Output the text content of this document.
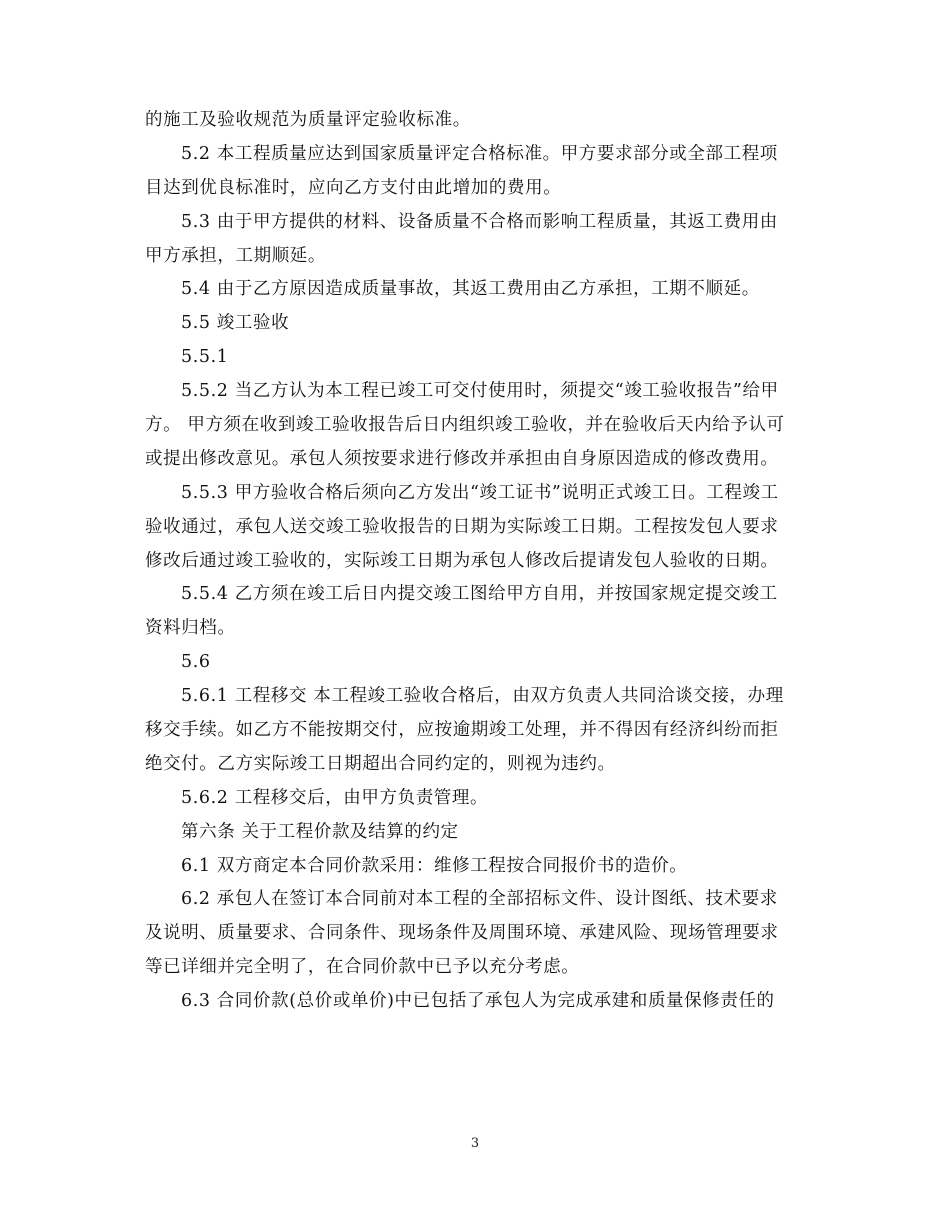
的施工及验收规范为质量评定验收标准。
5.2 本工程质量应达到国家质量评定合格标准。甲方要求部分或全部工程项
目达到优良标准时，应向乙方支付由此增加的费用。
5.3 由于甲方提供的材料、设备质量不合格而影响工程质量，其返工费用由
甲方承担，工期顺延。
5.4 由于乙方原因造成质量事故，其返工费用由乙方承担，工期不顺延。
5.5 竣工验收
5.5.1
5.5.2 当乙方认为本工程已竣工可交付使用时，须提交“竣工验收报告”给甲
方。 甲方须在收到竣工验收报告后日内组织竣工验收，并在验收后天内给予认可
或提出修改意见。承包人须按要求进行修改并承担由自身原因造成的修改费用。
5.5.3 甲方验收合格后须向乙方发出“竣工证书”说明正式竣工日。工程竣工
验收通过，承包人送交竣工验收报告的日期为实际竣工日期。工程按发包人要求
修改后通过竣工验收的，实际竣工日期为承包人修改后提请发包人验收的日期。
5.5.4 乙方须在竣工后日内提交竣工图给甲方自用，并按国家规定提交竣工
资料归档。
5.6
5.6.1 工程移交 本工程竣工验收合格后，由双方负责人共同洽谈交接，办理
移交手续。如乙方不能按期交付，应按逾期竣工处理，并不得因有经济纠纷而拒
绝交付。乙方实际竣工日期超出合同约定的，则视为违约。
5.6.2 工程移交后，由甲方负责管理。
第六条 关于工程价款及结算的约定
6.1 双方商定本合同价款采用：维修工程按合同报价书的造价。
6.2 承包人在签订本合同前对本工程的全部招标文件、设计图纸、技术要求
及说明、质量要求、合同条件、现场条件及周围环境、承建风险、现场管理要求
等已详细并完全明了，在合同价款中已予以充分考虑。
6.3 合同价款(总价或单价)中已包括了承包人为完成承建和质量保修责任的
3
